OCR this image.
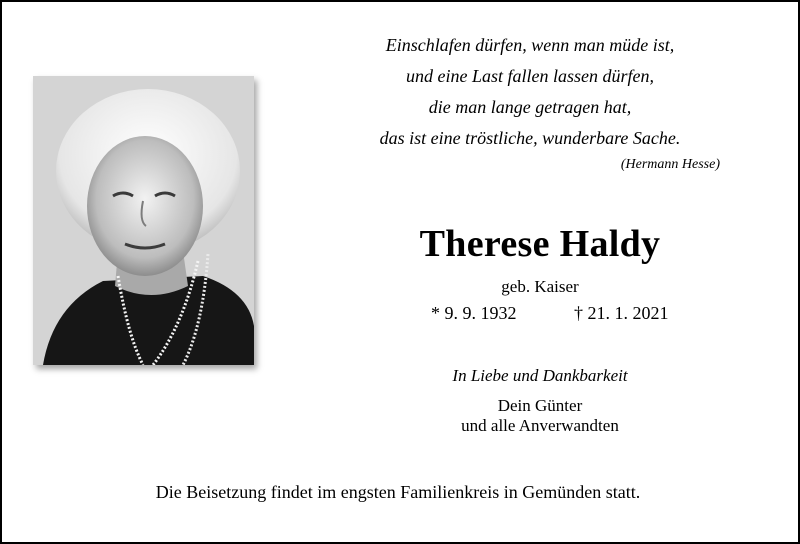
Einschlafen dürfen, wenn man müde ist,
und eine Last fallen lassen dürfen,
die man lange getragen hat,
das ist eine tröstliche, wunderbare Sache.
(Hermann Hesse)
Therese Haldy
geb. Kaiser
* 9. 9. 1932	† 21. 1. 2021
In Liebe und Dankbarkeit
Dein Günter
und alle Anverwandten
Die Beisetzung findet im engsten Familienkreis in Gemünden statt.
